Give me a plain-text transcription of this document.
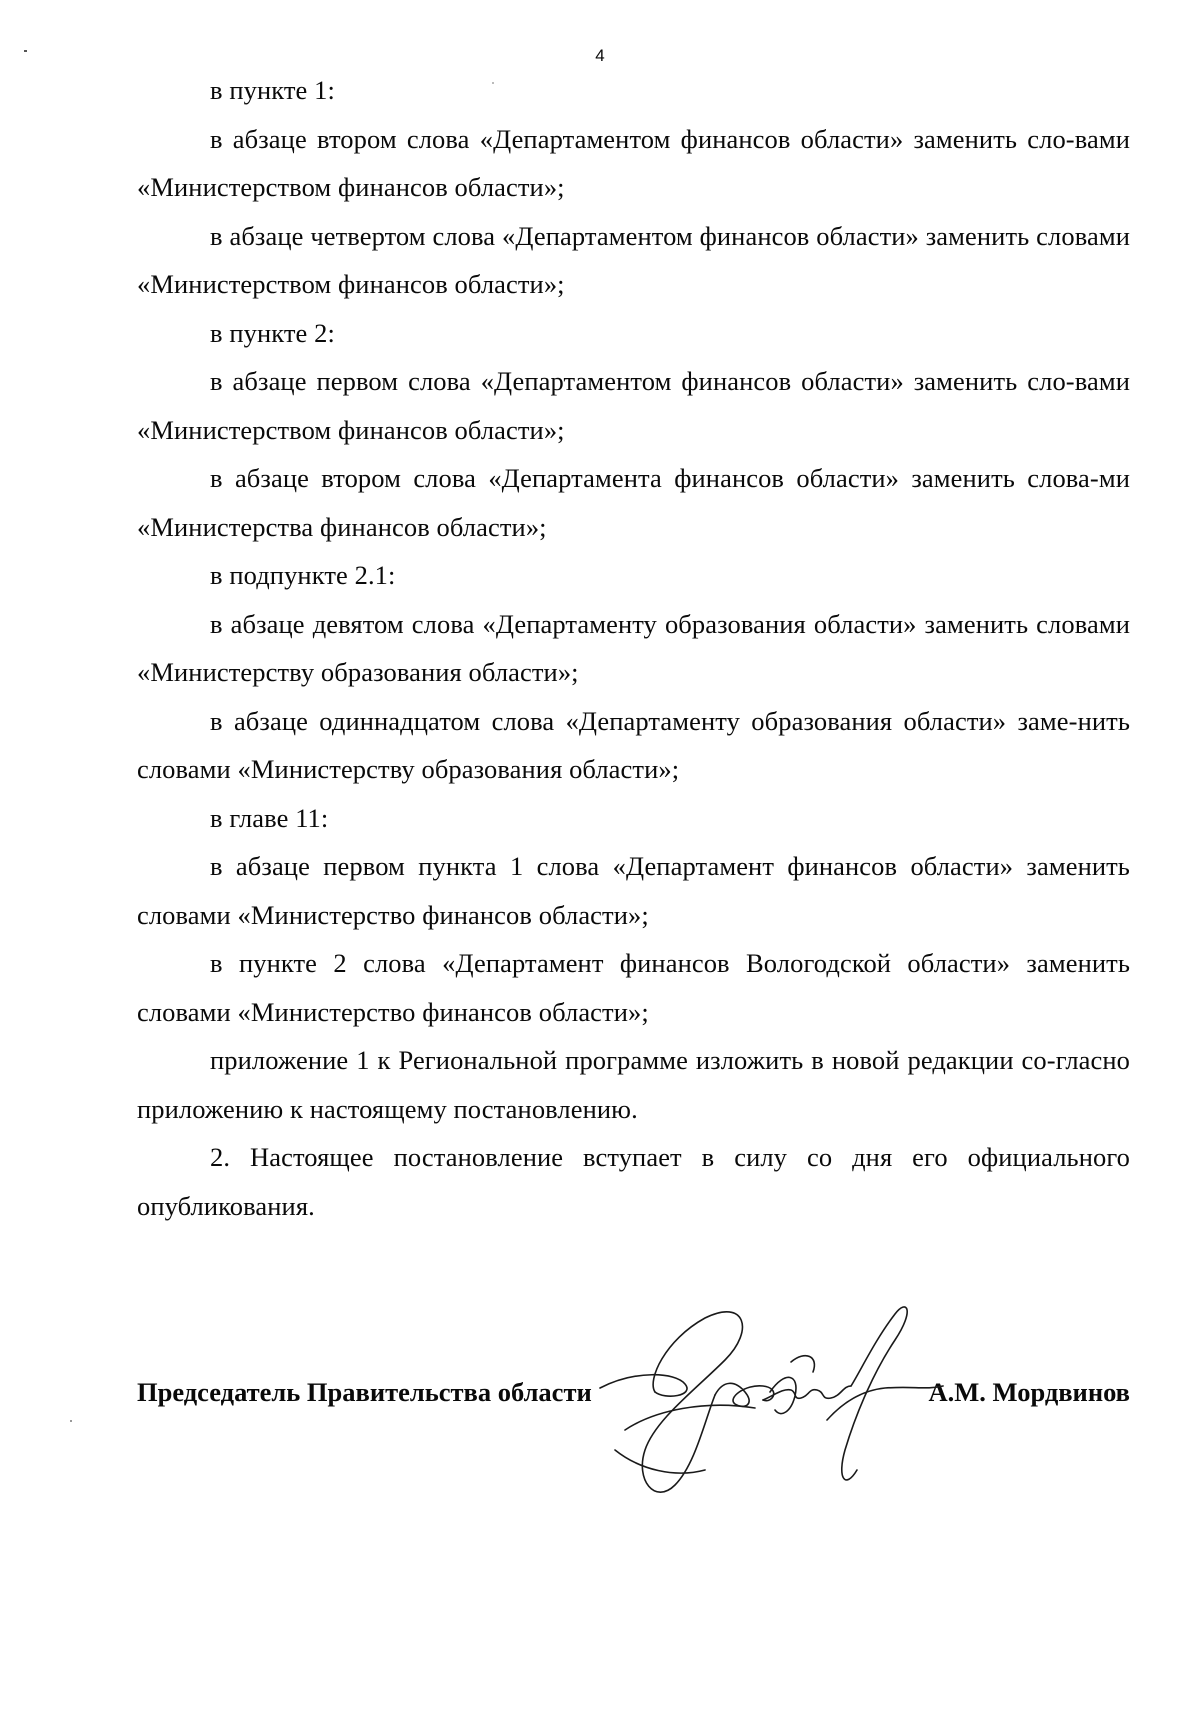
4

в пункте 1:

в абзаце втором слова «Департаментом финансов области» заменить сло-вами «Министерством финансов области»;

в абзаце четвертом слова «Департаментом финансов области» заменить словами «Министерством финансов области»;

в пункте 2:

в абзаце первом слова «Департаментом финансов области» заменить сло-вами «Министерством финансов области»;

в абзаце втором слова «Департамента финансов области» заменить слова-ми «Министерства финансов области»;

в подпункте 2.1:

в абзаце девятом слова «Департаменту образования области» заменить словами «Министерству образования области»;

в абзаце одиннадцатом слова «Департаменту образования области» заме-нить словами «Министерству образования области»;

в главе 11:

в абзаце первом пункта 1 слова «Департамент финансов области» заменить словами «Министерство финансов области»;

в пункте 2 слова «Департамент финансов Вологодской области» заменить словами «Министерство финансов области»;

приложение 1 к Региональной программе изложить в новой редакции со-гласно приложению к настоящему постановлению.

2. Настоящее постановление вступает в силу со дня его официального опубликования.

Председатель Правительства области	А.М. Мордвинов
